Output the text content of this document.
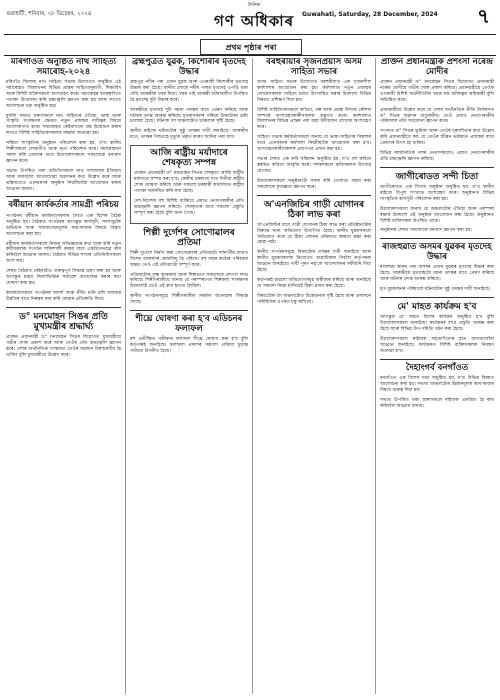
গুৱাহাটী, শনিবাৰ, ২৮ ডিচেম্বৰ, ২০২৪
দৈনিক
গণ অধিকাৰ	Guwahati, Saturday, 28 December, 2024 ৭
প্ৰথম পৃষ্ঠাৰ পৰা
মৰিগাঁওত অনুষ্ঠিত নাথ সাহিত্য সমাৰোহ-২০২৪

মৰিগাঁও জিলাৰ নাথ সাহিত্য সভাৰ উদ্যোগত অনুষ্ঠিত এই সমাৰোহত জিলাখনৰ বিভিন্ন প্ৰান্তৰ সাহিত্যানুৰাগী, শিক্ষাবিদ আৰু বিশিষ্ট ব্যক্তিসকলে অংশগ্ৰহণ কৰে। সমাৰোহৰ আৰম্ভণিতে পতাকা উত্তোলন কৰি শ্ৰদ্ধাঞ্জলি জ্ঞাপন কৰা হয় আৰু লগতে আলোচনা চক্ৰ অনুষ্ঠিত হয়।

মুকলি সভাত বক্তাসকলে নাথ সাহিত্যৰ ঐতিহ্য, ভাষা আৰু সংস্কৃতি সংৰক্ষণৰ ক্ষেত্ৰত নতুন প্ৰজন্মৰ দায়িত্বৰ বিষয়ে আলোকপাত কৰে। সমাৰোহত কেইবাখনো গ্ৰন্থ উন্মোচন কৰাৰ লগতে বিশিষ্ট সাহিত্যিকসকলক সম্বৰ্ধনা জনোৱা হয়।

সন্ধিয়া সাংস্কৃতিক অনুষ্ঠান পৰিবেশন কৰা হয়, য'ত স্থানীয় শিল্পীসকলে লোকগীত আৰু নৃত্য পৰিবেশন কৰে। সমাৰোহখন সফল কৰি তোলাৰ বাবে উদ্যোক্তাসকলে সকলোকে ধন্যবাদ জ্ঞাপন কৰে।

সভাত উপস্থিত থকা অতিথিসকলে নাথ সম্প্ৰদায়ৰ ইতিহাস আৰু সমাজলৈ আগবঢ়োৱা অৱদানৰ কথা উল্লেখ কৰে আৰু ভৱিষ্যতেও এনেধৰণৰ অনুষ্ঠান নিয়মীয়াকৈ আয়োজন কৰাৰ আহ্বান জনায়।

বৰ্ষীয়ান কাৰ্যকৰ্তাৰ সামগ্ৰী পৰিচয়

সংগঠনৰ বৰ্ষীয়ান কাৰ্যকৰ্তাসকলৰ সৈতে এক বিশেষ বৈঠক অনুষ্ঠিত হয়। বৈঠকত সংগঠনৰ আগন্তুক কাৰ্যসূচী, সদস্যভুক্তি অভিযান আৰু সমাজসেৱামূলক কাম-কাজৰ বিষয়ে বিস্তৃত আলোচনা কৰা হয়।

বৰ্ষীয়ান কাৰ্যকৰ্তাসকলে নিজৰ অভিজ্ঞতাৰ কথা ব্যক্ত কৰি নতুন কৰ্মীসকলক সংগঠন শক্তিশালী কৰাৰ বাবে একত্ৰিতভাৱে কাম কৰিবলৈ আহ্বান জনায়। বৈঠকত বিভিন্ন শাখাৰ প্ৰতিনিধিসকলে অংশ লয়।

শেষত বৈঠকত কেইবাটাও গুৰুত্বপূৰ্ণ সিদ্ধান্ত গ্ৰহণ কৰা হয় আৰু আগন্তুক মাহত জিলাভিত্তিক সমাৱেশ আয়োজন কৰাৰ কথা ঘোষণা কৰা হয়।

কাৰ্যকৰ্তাসকলে সংগঠনৰ আদৰ্শ আৰু নীতি মানি চলি সমাজৰ উন্নতিৰ বাবে নিৰন্তৰ কাম কৰি যোৱাৰ প্ৰতিশ্ৰুতি দিয়ে।

ড° মনমোহন সিঙৰ প্ৰতি মুখ্যমন্ত্ৰীৰ শ্ৰদ্ধাৰ্ঘ্য

প্ৰাক্তন প্ৰধানমন্ত্ৰী ড° মনমোহন সিঙৰ বিয়োগত মুখ্যমন্ত্ৰীয়ে গভীৰ শোক প্ৰকাশ কৰে আৰু তেওঁৰ প্ৰতি শ্ৰদ্ধাঞ্জলি জ্ঞাপন কৰে। দেশৰ অৰ্থনৈতিক সংস্কাৰত তেওঁৰ অৱদান চিৰস্মৰণীয় হৈ থাকিব বুলি মুখ্যমন্ত্ৰীয়ে উল্লেখ কৰে।

ব্ৰহ্মপুত্ৰত যুৱক, কিশোৰীৰ মৃতদেহ উদ্ধাৰ

ব্ৰহ্মপুত্ৰ নদীৰ পৰা এজন যুৱক আৰু এগৰাকী কিশোৰীৰ মৃতদেহ উদ্ধাৰ কৰা হৈছে। স্থানীয় লোকে নদীৰ পাৰত মৃতদেহ ওপঙি থকা দেখি আৰক্ষীক খবৰ দিয়ে। খবৰ পাই আৰক্ষী ঘটনাস্থলীত উপস্থিত হৈ মৃতদেহ দুটা উদ্ধাৰ কৰে।

আৰক্ষীয়ে মৃতদেহ দুটা ময়না তদন্তৰ বাবে প্ৰেৰণ কৰিছে আৰু ঘটনাৰ তদন্ত আৰম্ভ কৰিছে। মৃতকসকলৰ পৰিচয় উদ্ঘাটনৰ চেষ্টা চলোৱা হৈছে। ঘটনাক লৈ অঞ্চলটোত চাঞ্চল্যৰ সৃষ্টি হৈছে।

স্থানীয় ৰাইজে ঘটনাটোৰ সুষ্ঠু তদন্তৰ দাবী জনাইছে। আৰক্ষীৰ মতে, তদন্তৰ পিছতহে মৃত্যুৰ প্ৰকৃত কাৰণ জানিব পৰা যাব।

আজি ৰাষ্ট্ৰীয় মৰ্যাদাৰে শেষকৃত্য সম্পন্ন

প্ৰাক্তন প্ৰধানমন্ত্ৰী ড° মনমোহন সিঙৰ শেষকৃত্য আজি ৰাষ্ট্ৰীয় মৰ্যাদাৰে সম্পন্ন কৰা হ'ব। কেন্দ্ৰীয় চৰকাৰে সাত দিনীয়া ৰাষ্ট্ৰীয় শোক ঘোষণা কৰিছে আৰু সকলো চৰকাৰী কাৰ্যালয়ত ৰাষ্ট্ৰীয় পতাকা অৰ্ধনমিত কৰি ৰখা হৈছে।

দেশ-বিদেশৰ বহু বিশিষ্ট ব্যক্তিয়ে প্ৰয়াত নেতাগৰাকীৰ প্ৰতি শ্ৰদ্ধাঞ্জলি জ্ঞাপন কৰিছে। শেষকৃত্যৰ বাবে সকলো প্ৰস্তুতি সম্পূৰ্ণ কৰা হৈছে বুলি জনা গৈছে।

শিল্পী দুৰ্গেশৰ সোণোৱালৰ প্ৰতিমা

শিল্পী দুৰ্গেশে নিৰ্মাণ কৰা সোণোৱালৰ প্ৰতিমাটো দৰ্শনাৰ্থীৰ মাজত বিশেষ আকৰ্ষণৰ কেন্দ্ৰবিন্দু হৈ পৰিছে। বহু মাহৰ কঠোৰ পৰিশ্ৰমৰ অন্তত তেওঁ এই প্ৰতিমাটো সম্পূৰ্ণ কৰে।

প্ৰতিমাটোৰ সূক্ষ্ম কাৰুকাৰ্য আৰু শিল্পগুণে সকলোৰে প্ৰশংসা লাভ কৰিছে। শিল্পীগৰাকীয়ে জনায় যে পৰম্পৰাগত শিল্পকলা সংৰক্ষণৰ উদ্দেশ্যেই তেওঁ এই কাম হাতত লৈছিল।

স্থানীয় সংগঠনসমূহে শিল্পীগৰাকীক সম্বৰ্ধনা জনোৱাৰ সিদ্ধান্ত লৈছে।

শীঘ্ৰে ঘোষণা কৰা হ'ব এডিচনৰ ফলাফল

বহু প্ৰতীক্ষিত পৰীক্ষাৰ ফলাফল শীঘ্ৰে ঘোষণা কৰা হ'ব বুলি কৰ্তৃপক্ষই জনাইছে। ফলাফল প্ৰকাশৰ সকলো প্ৰক্ৰিয়া চূড়ান্ত পৰ্যায়ত উপনীত হৈছে।

বৰহুৰীয়াৰ সৃজনপ্ৰয়াস অসম সাহিত্য সভাৰ

অসম সাহিত্য সভাৰ উদ্যোগত বৰহুৰীয়াত এক সৃজনশীল কৰ্মশালাৰ আয়োজন কৰা হয়। কৰ্মশালাত নতুন প্ৰজন্মৰ লেখকসকলক সাহিত্য চৰ্চাত উৎসাহিত কৰাৰ উদ্দেশ্যে বিভিন্ন বিষয়ত প্ৰশিক্ষণ দিয়া হয়।

বিশিষ্ট সাহিত্যিকসকলে কবিতা, গল্প আৰু প্ৰবন্ধ লিখাৰ কৌশল সম্পৰ্কে অংশগ্ৰহণকাৰীসকলক অৱগত কৰে। কৰ্মশালাত জিলাখনৰ বিভিন্ন প্ৰান্তৰ পৰা অহা উদীয়মান লেখকে অংশগ্ৰহণ কৰে।

সাহিত্য সভাৰ কৰ্মকৰ্তাসকলে জনায় যে ভাষা-সাহিত্যৰ বিকাশৰ বাবে এনেধৰণৰ কৰ্মশালা নিয়মীয়াকৈ আয়োজন কৰা হ'ব। অংশগ্ৰহণকাৰীসকলক প্ৰমাণপত্ৰ প্ৰদান কৰা হয়।

সভাৰ শেষত এক কবি সন্মিলন অনুষ্ঠিত হয়, য'ত বহু কবিয়ে স্বৰচিত কবিতা আবৃত্তি কৰে। দৰ্শকসকলে কবিসকলক উৎসাহ যোগায়।

উদ্যোক্তাসকলে অনুষ্ঠানটো সফল কৰি তোলাত সহায় কৰা সকলোকে কৃতজ্ঞতা জ্ঞাপন কৰে।

অ'এনজিচিৰ গাড়ী যোগানৰ ঠিকা লাভ কৰা

অ'এনজিচিৰ বাবে গাড়ী যোগানৰ ঠিকা লাভ কৰা প্ৰতিষ্ঠানটোৰ বিৰুদ্ধে নানা অভিযোগ উত্থাপিত হৈছে। স্থানীয় যুৱকসকলে অভিযোগ কৰে যে ঠিকা প্ৰদানৰ প্ৰক্ৰিয়াত স্বচ্ছতা ৰক্ষা কৰা হোৱা নাই।

স্থানীয় সংগঠনসমূহে বিষয়টোৰ তদন্তৰ দাবী জনাইছে আৰু স্থানীয় যুৱকসকলক নিয়োগত অগ্ৰাধিকাৰ দিবলৈ কৰ্তৃপক্ষক আহ্বান জনাইছে। দাবী পূৰণ নহ'লে আন্দোলনৰ সকীয়নি দিয়া হৈছে।

কৰ্তৃপক্ষই অৱশ্যে অভিযোগসমূহ অস্বীকাৰ কৰিছে আৰু জনাইছে যে সকলো নিয়ম মানিয়েই ঠিকা প্ৰদান কৰা হৈছে।

বিষয়টোক লৈ অঞ্চলটোত উত্তেজনাৰ সৃষ্টি হৈছে আৰু প্ৰশাসনে পৰিস্থিতিৰ ওপৰত চকু ৰাখিছে।

প্ৰাক্তন প্ৰধানমন্ত্ৰীক প্ৰশংসা নৰেন্দ্ৰ মোদীৰ

প্ৰাক্তন প্ৰধানমন্ত্ৰী ড° মনমোহন সিঙৰ বিয়োগত প্ৰধানমন্ত্ৰী নৰেন্দ্ৰ মোদীয়ে গভীৰ শোক প্ৰকাশ কৰিছে। প্ৰধানমন্ত্ৰীয়ে তেওঁক এগৰাকী বিশিষ্ট অৰ্থনীতিবিদ আৰু নম্ৰ ব্যক্তিত্বৰ অধিকাৰী বুলি অভিহিত কৰে।

প্ৰধানমন্ত্ৰীয়ে উল্লেখ কৰে যে দেশৰ অৰ্থনৈতিক নীতি নিৰ্ধাৰণত ড° সিঙৰ অৱদান অতুলনীয়। তেওঁ প্ৰয়াত নেতাগৰাকীৰ পৰিয়ালৰ প্ৰতি সমবেদনা জ্ঞাপন কৰে।

সংসদত ড° সিঙৰ ভূমিকা আৰু তেওঁৰ দূৰদৰ্শিতাৰ কথা উল্লেখ কৰি প্ৰধানমন্ত্ৰীয়ে কয় যে তেওঁৰ জীৱন ভৱিষ্যত প্ৰজন্মৰ বাবে প্ৰেৰণাৰ উৎস হৈ থাকিব।

বিভিন্ন ৰাজনৈতিক দলৰ নেতাসকলেও প্ৰয়াত নেতাগৰাকীৰ প্ৰতি শ্ৰদ্ধাঞ্জলি জ্ঞাপন কৰিছে।

জাগীৰোডত সন্দী চিতা

জাগীৰোডত এক বিশেষ অনুষ্ঠান অনুষ্ঠিত হয়, য'ত স্থানীয় ৰাইজে বিপুল সংখ্যাত অংশগ্ৰহণ কৰে। অনুষ্ঠানত বিভিন্ন সাংস্কৃতিক কাৰ্যসূচী পৰিবেশন কৰা হয়।

উদ্যোক্তাসকলে জনায় যে অঞ্চলটোৰ ঐতিহ্য আৰু পৰম্পৰা ৰক্ষাৰ উদ্দেশ্যে এই অনুষ্ঠান আয়োজন কৰা হৈছে। অনুষ্ঠানত বিশিষ্ট ব্যক্তিসকল উপস্থিত থাকে।

অনুষ্ঠানৰ শেষত সকলোকে ধন্যবাদ জ্ঞাপন কৰা হয়।

ৰাজহুৱাত অসমৰ যুৱকৰ মৃতদেহ উদ্ধাৰ

ৰাজহুৱা স্থানৰ পৰা অসমৰ এজন যুৱকৰ মৃতদেহ উদ্ধাৰ কৰা হৈছে। আৰক্ষীয়ে মৃতদেহটো ময়না তদন্তৰ বাবে প্ৰেৰণ কৰিছে আৰু ঘটনাৰ তদন্ত আৰম্ভ কৰিছে।

মৃত যুৱকজনৰ পৰিয়ালে ঘটনাটোৰ সুষ্ঠু তদন্তৰ দাবী জনাইছে।

মে' মাহত কাৰ্যক্ৰম হ'ব

আগন্তুক মে' মাহত বিশেষ কাৰ্যক্ৰম অনুষ্ঠিত হ'ব বুলি উদ্যোক্তাসকলে জনাইছে। কাৰ্যক্ৰমৰ বাবে প্ৰস্তুতি আৰম্ভ কৰা হৈছে আৰু বিভিন্ন উপ-সমিতি গঠন কৰা হৈছে।

উদ্যোক্তাসকলে ৰাইজক সহযোগিতাৰ হাত আগবঢ়াবলৈ আহ্বান জনাইছে। কাৰ্যক্ৰমত বিশিষ্ট ব্যক্তিসকলক নিমন্ত্ৰণ জনোৱা হ'ব।

দৈহাংগৰ্ব বনগাঁওত

বনগাঁওত এক বিশেষ সভা অনুষ্ঠিত হয়, য'ত বিভিন্ন বিষয়ত আলোচনা কৰা হয়। সভাত অঞ্চলটোৰ উন্নয়নমূলক কাম-কাজৰ বিষয়ে গুৰুত্ব দিয়া হয়।

সভাত উপস্থিত থকা বক্তাসকলে ৰাইজক একত্ৰিত হৈ কাম কৰিবলৈ আহ্বান জনায়।
